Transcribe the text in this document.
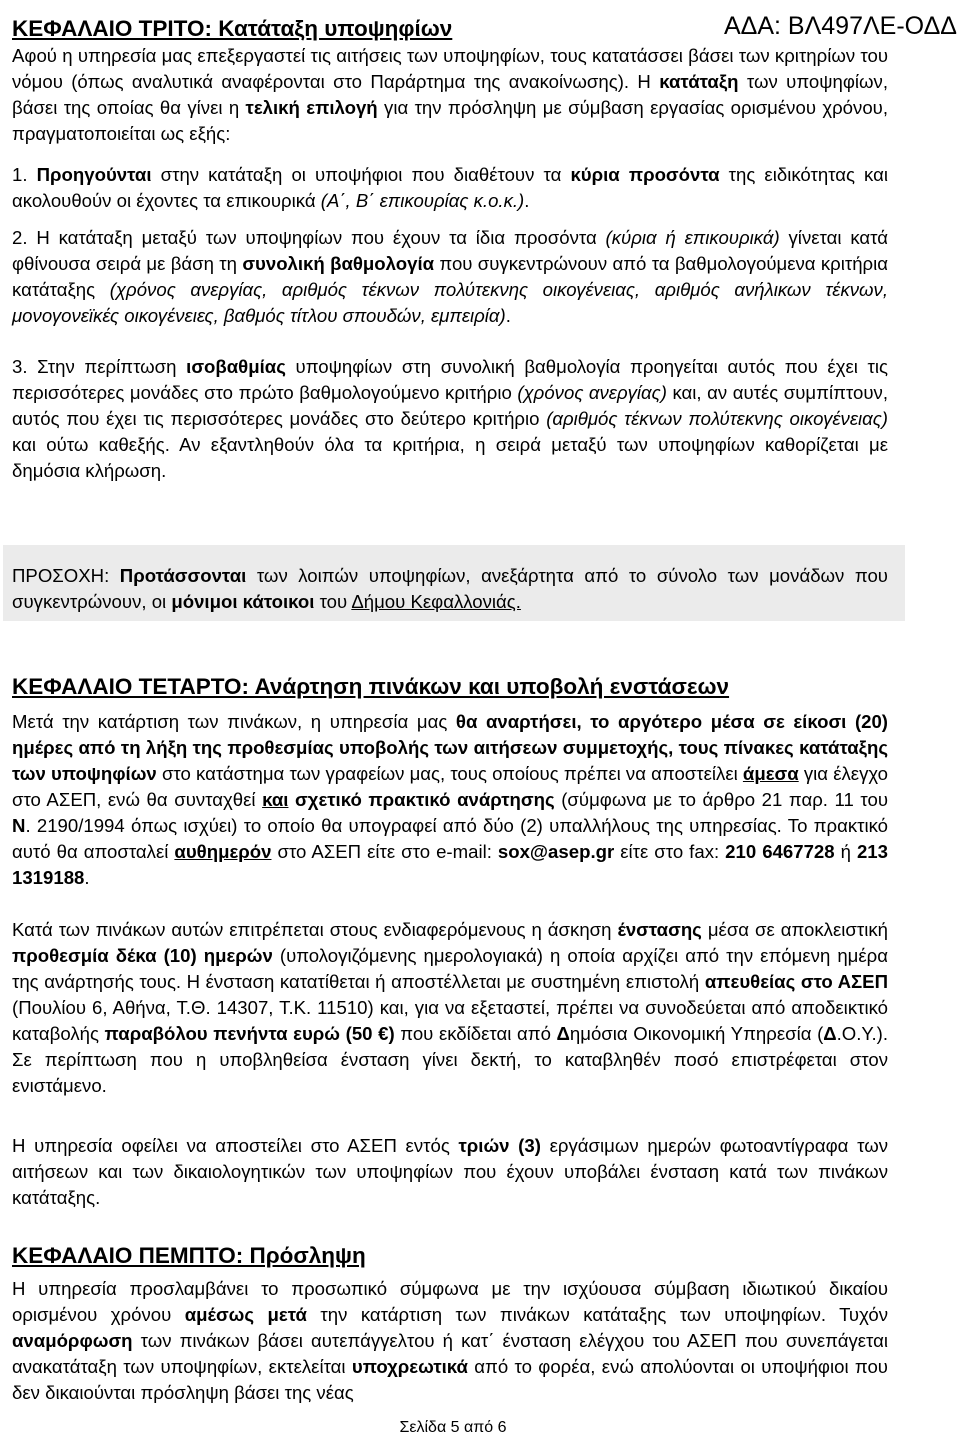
ΑΔΑ: ΒΛ497ΛΕ-ΟΔΔ
ΚΕΦΑΛΑΙΟ ΤΡΙΤΟ: Κατάταξη υποψηφίων

Αφού η υπηρεσία μας επεξεργαστεί τις αιτήσεις των υποψηφίων, τους κατατάσσει βάσει των κριτηρίων του νόμου (όπως αναλυτικά αναφέρονται στο Παράρτημα της ανακοίνωσης). Η κατάταξη των υποψηφίων, βάσει της οποίας θα γίνει η τελική επιλογή για την πρόσληψη με σύμβαση εργασίας ορισμένου χρόνου, πραγματοποιείται ως εξής:

1. Προηγούνται στην κατάταξη οι υποψήφιοι που διαθέτουν τα κύρια προσόντα της ειδικότητας και ακολουθούν οι έχοντες τα επικουρικά (Α΄, Β΄ επικουρίας κ.ο.κ.).

2. Η κατάταξη μεταξύ των υποψηφίων που έχουν τα ίδια προσόντα (κύρια ή επικουρικά) γίνεται κατά φθίνουσα σειρά με βάση τη συνολική βαθμολογία που συγκεντρώνουν από τα βαθμολογούμενα κριτήρια κατάταξης (χρόνος ανεργίας, αριθμός τέκνων πολύτεκνης οικογένειας, αριθμός ανήλικων τέκνων, μονογονεϊκές οικογένειες, βαθμός τίτλου σπουδών, εμπειρία).

3. Στην περίπτωση ισοβαθμίας υποψηφίων στη συνολική βαθμολογία προηγείται αυτός που έχει τις περισσότερες μονάδες στο πρώτο βαθμολογούμενο κριτήριο (χρόνος ανεργίας) και, αν αυτές συμπίπτουν, αυτός που έχει τις περισσότερες μονάδες στο δεύτερο κριτήριο (αριθμός τέκνων πολύτεκνης οικογένειας) και ούτω καθεξής. Αν εξαντληθούν όλα τα κριτήρια, η σειρά μεταξύ των υποψηφίων καθορίζεται με δημόσια κλήρωση.

ΠΡΟΣΟΧΗ: Προτάσσονται των λοιπών υποψηφίων, ανεξάρτητα από το σύνολο των μονάδων που συγκεντρώνουν, οι μόνιμοι κάτοικοι του Δήμου Κεφαλλονιάς.
ΚΕΦΑΛΑΙΟ ΤΕΤΑΡΤΟ: Ανάρτηση πινάκων και υποβολή ενστάσεων

Μετά την κατάρτιση των πινάκων, η υπηρεσία μας θα αναρτήσει, το αργότερο μέσα σε είκοσι (20) ημέρες από τη λήξη της προθεσμίας υποβολής των αιτήσεων συμμετοχής, τους πίνακες κατάταξης των υποψηφίων στο κατάστημα των γραφείων μας, τους οποίους πρέπει να αποστείλει άμεσα για έλεγχο στο ΑΣΕΠ, ενώ θα συνταχθεί και σχετικό πρακτικό ανάρτησης (σύμφωνα με το άρθρο 21 παρ. 11 του Ν. 2190/1994 όπως ισχύει) το οποίο θα υπογραφεί από δύο (2) υπαλλήλους της υπηρεσίας. Το πρακτικό αυτό θα αποσταλεί αυθημερόν στο ΑΣΕΠ είτε στο e-mail: sox@asep.gr είτε στο fax: 210 6467728 ή 213 1319188.

Κατά των πινάκων αυτών επιτρέπεται στους ενδιαφερόμενους η άσκηση ένστασης μέσα σε αποκλειστική προθεσμία δέκα (10) ημερών (υπολογιζόμενης ημερολογιακά) η οποία αρχίζει από την επόμενη ημέρα της ανάρτησής τους. Η ένσταση κατατίθεται ή αποστέλλεται με συστημένη επιστολή απευθείας στο ΑΣΕΠ (Πουλίου 6, Αθήνα, Τ.Θ. 14307, Τ.Κ. 11510) και, για να εξεταστεί, πρέπει να συνοδεύεται από αποδεικτικό καταβολής παραβόλου πενήντα ευρώ (50 €) που εκδίδεται από Δημόσια Οικονομική Υπηρεσία (Δ.Ο.Υ.). Σε περίπτωση που η υποβληθείσα ένσταση γίνει δεκτή, το καταβληθέν ποσό επιστρέφεται στον ενιστάμενο.

Η υπηρεσία οφείλει να αποστείλει στο ΑΣΕΠ εντός τριών (3) εργάσιμων ημερών φωτοαντίγραφα των αιτήσεων και των δικαιολογητικών των υποψηφίων που έχουν υποβάλει ένσταση κατά των πινάκων κατάταξης.

ΚΕΦΑΛΑΙΟ ΠΕΜΠΤΟ: Πρόσληψη

Η υπηρεσία προσλαμβάνει το προσωπικό σύμφωνα με την ισχύουσα σύμβαση ιδιωτικού δικαίου ορισμένου χρόνου αμέσως μετά την κατάρτιση των πινάκων κατάταξης των υποψηφίων. Τυχόν αναμόρφωση των πινάκων βάσει αυτεπάγγελτου ή κατ΄ ένσταση ελέγχου του ΑΣΕΠ που συνεπάγεται ανακατάταξη των υποψηφίων, εκτελείται υποχρεωτικά από το φορέα, ενώ απολύονται οι υποψήφιοι που δεν δικαιούνται πρόσληψη βάσει της νέας

Σελίδα 5 από 6
